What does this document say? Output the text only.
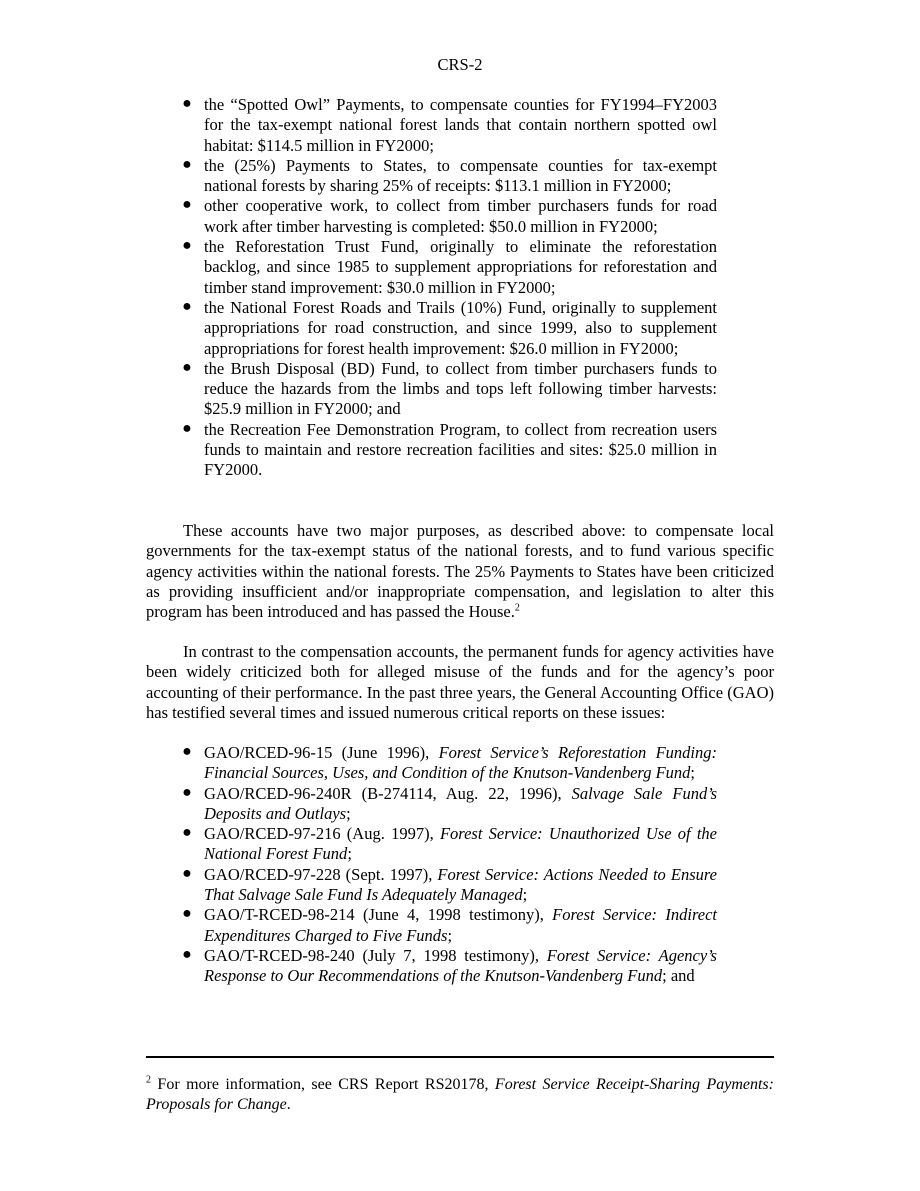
CRS-2
● the “Spotted Owl” Payments, to compensate counties for FY1994–FY2003 for the tax-exempt national forest lands that contain northern spotted owl habitat: $114.5 million in FY2000;
● the (25%) Payments to States, to compensate counties for tax-exempt national forests by sharing 25% of receipts: $113.1 million in FY2000;
● other cooperative work, to collect from timber purchasers funds for road work after timber harvesting is completed: $50.0 million in FY2000;
● the Reforestation Trust Fund, originally to eliminate the reforestation backlog, and since 1985 to supplement appropriations for reforestation and timber stand improvement: $30.0 million in FY2000;
● the National Forest Roads and Trails (10%) Fund, originally to supplement appropriations for road construction, and since 1999, also to supplement appropriations for forest health improvement: $26.0 million in FY2000;
● the Brush Disposal (BD) Fund, to collect from timber purchasers funds to reduce the hazards from the limbs and tops left following timber harvests: $25.9 million in FY2000; and
● the Recreation Fee Demonstration Program, to collect from recreation users funds to maintain and restore recreation facilities and sites: $25.0 million in FY2000.

These accounts have two major purposes, as described above: to compensate local governments for the tax-exempt status of the national forests, and to fund various specific agency activities within the national forests. The 25% Payments to States have been criticized as providing insufficient and/or inappropriate compensation, and legislation to alter this program has been introduced and has passed the House.$^2$

In contrast to the compensation accounts, the permanent funds for agency activities have been widely criticized both for alleged misuse of the funds and for the agency’s poor accounting of their performance. In the past three years, the General Accounting Office (GAO) has testified several times and issued numerous critical reports on these issues:

● GAO/RCED-96-15 (June 1996), Forest Service’s Reforestation Funding: Financial Sources, Uses, and Condition of the Knutson-Vandenberg Fund;
● GAO/RCED-96-240R (B-274114, Aug. 22, 1996), Salvage Sale Fund’s Deposits and Outlays;
● GAO/RCED-97-216 (Aug. 1997), Forest Service: Unauthorized Use of the National Forest Fund;
● GAO/RCED-97-228 (Sept. 1997), Forest Service: Actions Needed to Ensure That Salvage Sale Fund Is Adequately Managed;
● GAO/T-RCED-98-214 (June 4, 1998 testimony), Forest Service: Indirect Expenditures Charged to Five Funds;
● GAO/T-RCED-98-240 (July 7, 1998 testimony), Forest Service: Agency’s Response to Our Recommendations of the Knutson-Vandenberg Fund; and

$^2$ For more information, see CRS Report RS20178, Forest Service Receipt-Sharing Payments: Proposals for Change.
